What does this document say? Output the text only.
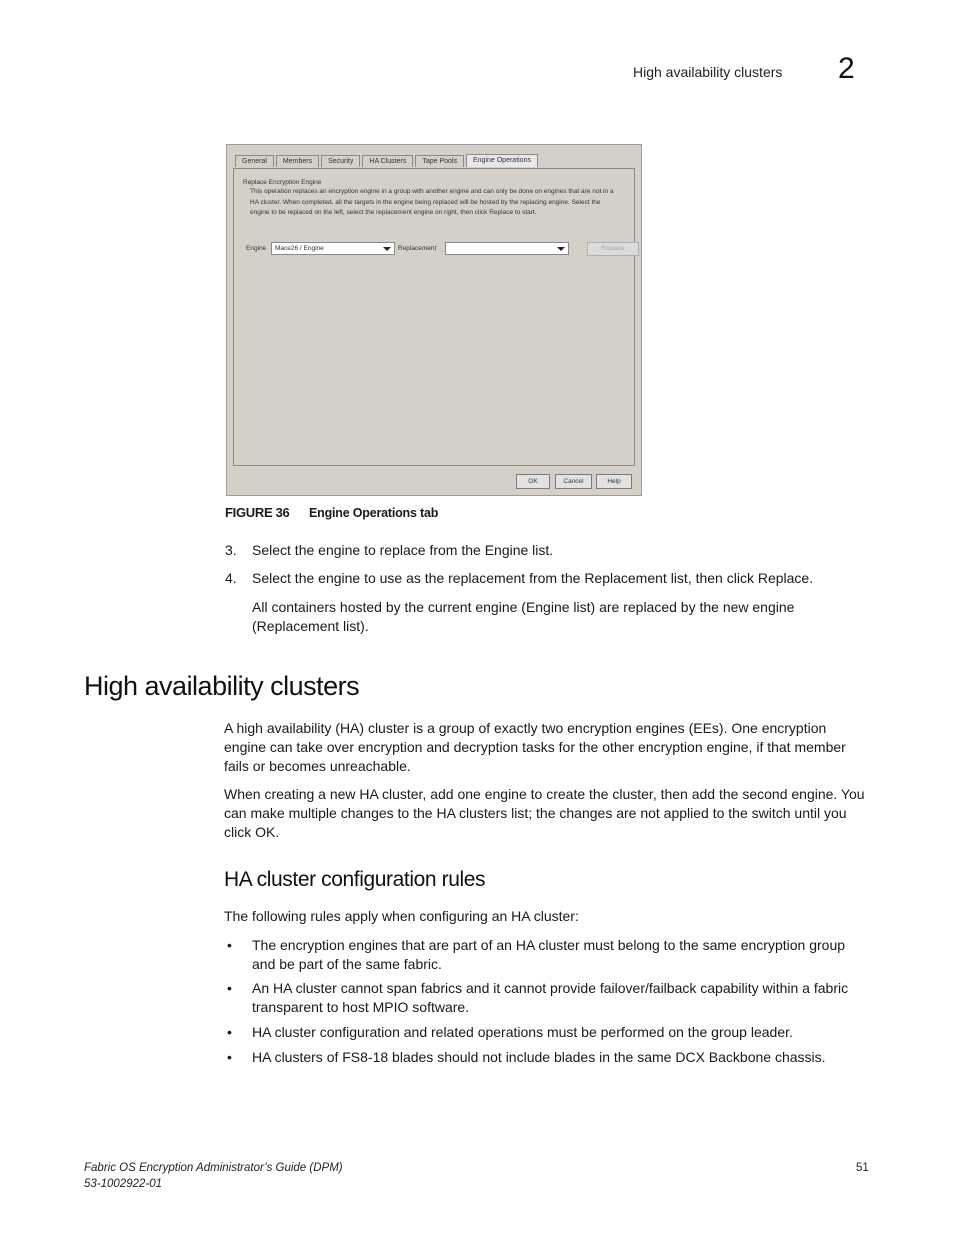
High availability clusters 2
General	Members	Security	HA Clusters	Tape Pools	Engine Operations
Replace Encryption Engine
This operation replaces an encryption engine in a group with another engine and can only be done on engines that are not in a HA cluster. When completed, all the targets in the engine being replaced will be hosted by the replacing engine. Select the engine to be replaced on the left, select the replacement engine on right, then click Replace to start.
Engine	Mace26 / Engine	Replacement	Replace
OK	Cancel	Help
FIGURE 36 Engine Operations tab
3. Select the engine to replace from the Engine list.
4. Select the engine to use as the replacement from the Replacement list, then click Replace.
All containers hosted by the current engine (Engine list) are replaced by the new engine
(Replacement list).
High availability clusters
A high availability (HA) cluster is a group of exactly two encryption engines (EEs). One encryption engine can take over encryption and decryption tasks for the other encryption engine, if that member fails or becomes unreachable.
When creating a new HA cluster, add one engine to create the cluster, then add the second engine. You can make multiple changes to the HA clusters list; the changes are not applied to the switch until you click OK.
HA cluster configuration rules
The following rules apply when configuring an HA cluster:
• The encryption engines that are part of an HA cluster must belong to the same encryption group and be part of the same fabric.
• An HA cluster cannot span fabrics and it cannot provide failover/failback capability within a fabric transparent to host MPIO software.
• HA cluster configuration and related operations must be performed on the group leader.
• HA clusters of FS8-18 blades should not include blades in the same DCX Backbone chassis.
Fabric OS Encryption Administrator’s Guide (DPM)
53-1002922-01
51
